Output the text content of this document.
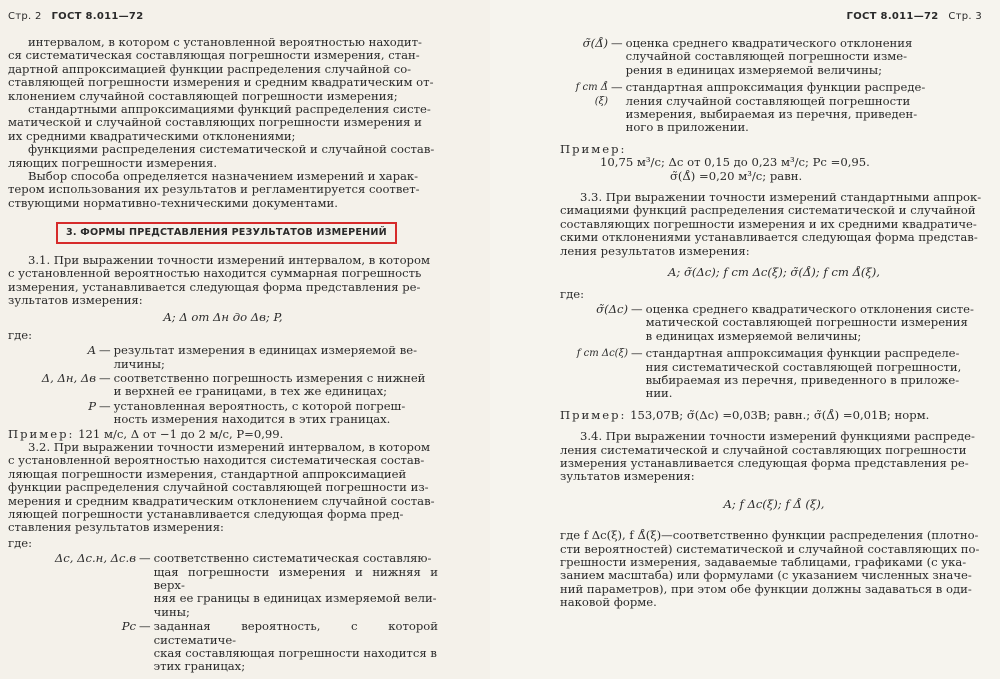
Стр. 2 ГОСТ 8.011—72

интервалом, в котором с установленной вероятностью находит-

ся систематическая составляющая погрешности измерения, стан-

дартной аппроксимацией функции распределения случайной со-

ставляющей погрешности измерения и средним квадратическим от-

клонением случайной составляющей погрешности измерения;

стандартными аппроксимациями функций распределения систе-

матической и случайной составляющих погрешности измерения и

их средними квадратическими отклонениями;

функциями распределения систематической и случайной состав-

ляющих погрешности измерения.

Выбор способа определяется назначением измерений и харак-

тером использования их результатов и регламентируется соответ-

ствующими нормативно-техническими документами.

3. ФОРМЫ ПРЕДСТАВЛЕНИЯ РЕЗУЛЬТАТОВ ИЗМЕРЕНИЙ

3.1. При выражении точности измерений интервалом, в котором

с установленной вероятностью находится суммарная погрешность

измерения, устанавливается следующая форма представления ре-

зультатов измерения:

A; Δ от Δн до Δв; P,

где:

A — результат измерения в единицах измеряемой ве-
личины;
Δ, Δн, Δв — соответственно погрешность измерения с нижней
и верхней ее границами, в тех же единицах;
P — установленная вероятность, с которой погреш-
ность измерения находится в этих границах.

Пример: 121 м/с, Δ от −1 до 2 м/с, P=0,99.

3.2. При выражении точности измерений интервалом, в котором

с установленной вероятностью находится систематическая состав-

ляющая погрешности измерения, стандартной аппроксимацией

функции распределения случайной составляющей погрешности из-

мерения и средним квадратическим отклонением случайной состав-

ляющей погрешности устанавливается следующая форма пред-

ставления результатов измерения:

где:

Δс, Δс.н, Δс.в — соответственно систематическая составляю-
щая погрешности измерения и нижняя и верх-
няя ее границы в единицах измеряемой вели-
чины;
Pс — заданная вероятность, с которой систематиче-
ская составляющая погрешности находится в
этих границах;
ГОСТ 8.011—72 Стр. 3
σ̃(Δ̊) — оценка среднего квадратического отклонения
случайной составляющей погрешности изме-
рения в единицах измеряемой величины;
f ст Δ̊ (ξ)
— стандартная аппроксимация функции распреде-
ления случайной составляющей погрешности
измерения, выбираемая из перечня, приведен-
ного в приложении.

Пример:

10,75 м³/с; Δс от 0,15 до 0,23 м³/с; Pс =0,95.

σ̃(Δ̊) =0,20 м³/с; равн.

3.3. При выражении точности измерений стандартными аппрок-

симациями функций распределения систематической и случайной

составляющих погрешности измерения и их средними квадратиче-

скими отклонениями устанавливается следующая форма представ-

ления результатов измерения:

A; σ̃(Δс); f ст Δс(ξ); σ̃(Δ̊); f ст Δ̊(ξ),

где:

σ̃(Δс) — оценка среднего квадратического отклонения систе-
матической составляющей погрешности измерения
в единицах измеряемой величины;
f ст Δс(ξ) — стандартная аппроксимация функции распределе-
ния систематической составляющей погрешности,
выбираемая из перечня, приведенного в приложе-
нии.

Пример: 153,07В; σ̃(Δс) =0,03В; равн.; σ̃(Δ̊) =0,01В; норм.

3.4. При выражении точности измерений функциями распреде-

ления систематической и случайной составляющих погрешности

измерения устанавливается следующая форма представления ре-

зультатов измерения:

A; f Δс(ξ); f Δ̊ (ξ),

где f Δс(ξ), f Δ̊(ξ)—соответственно функции распределения (плотно-

сти вероятностей) систематической и случайной составляющих по-

грешности измерения, задаваемые таблицами, графиками (с ука-

занием масштаба) или формулами (с указанием численных значе-

ний параметров), при этом обе функции должны задаваться в оди-

наковой форме.
